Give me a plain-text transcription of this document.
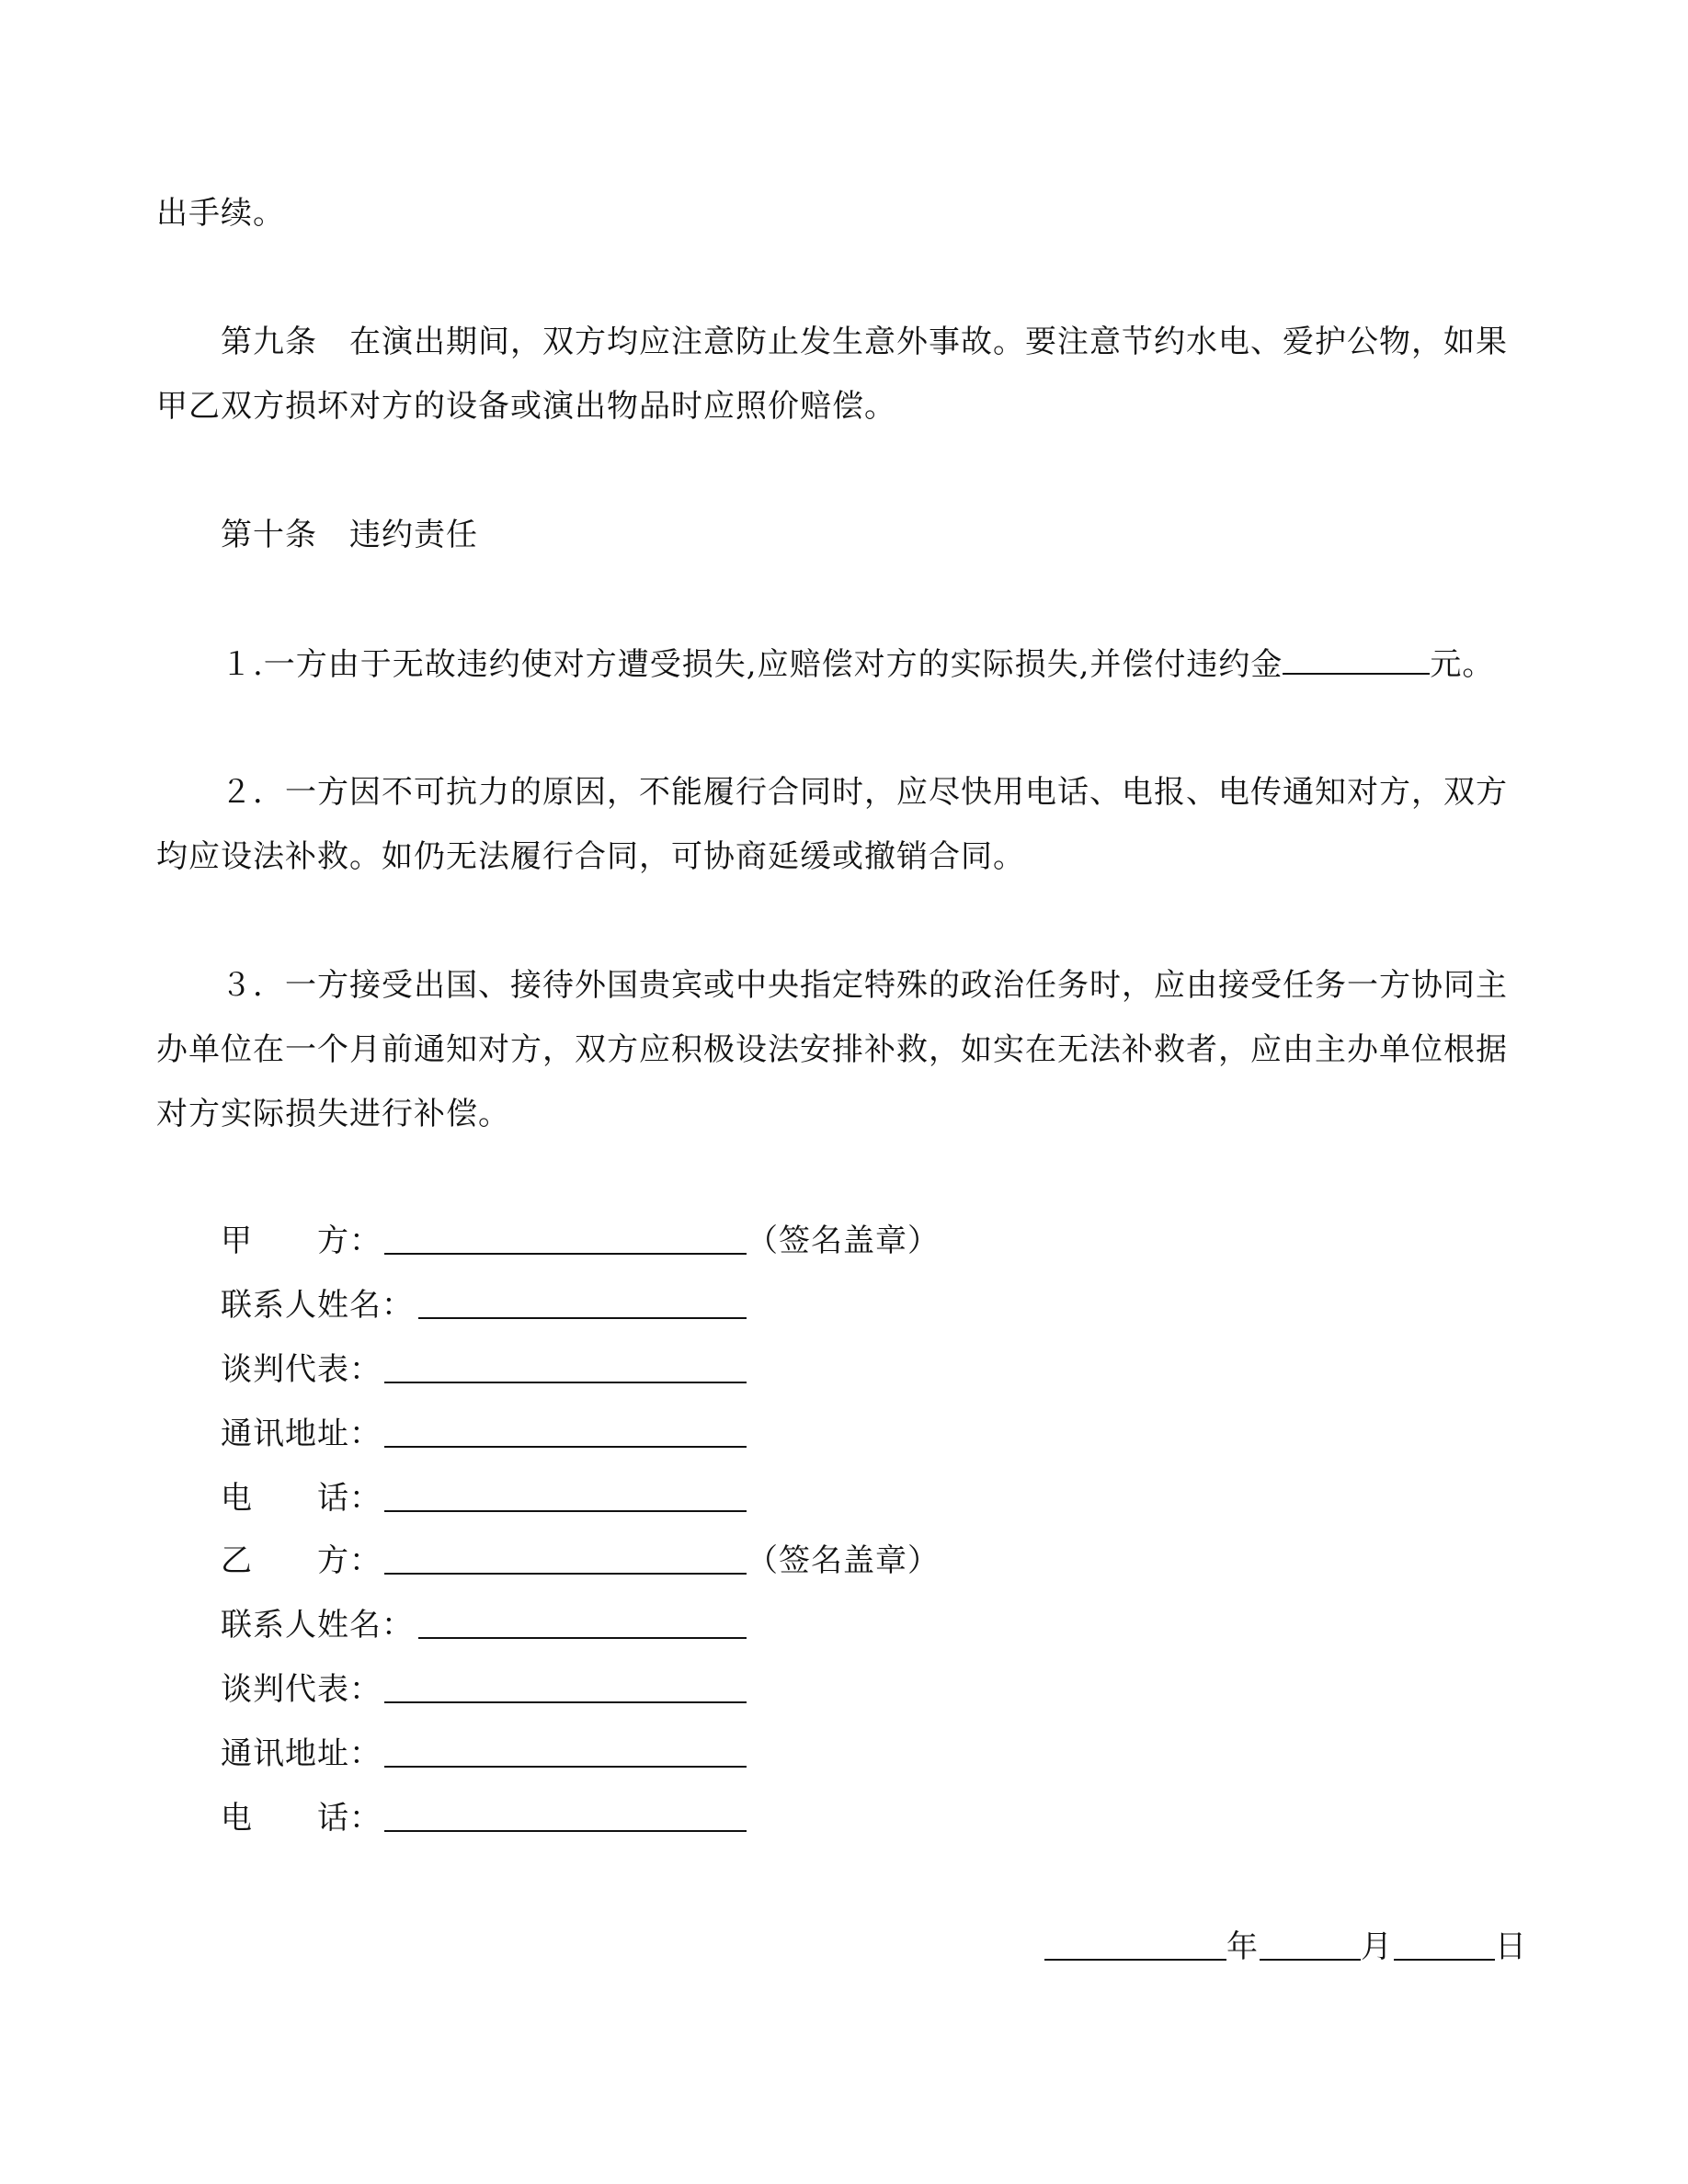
出手续。
第九条　在演出期间，双方均应注意防止发生意外事故。要注意节约水电、爱护公物，如果
甲乙双方损坏对方的设备或演出物品时应照价赔偿。
第十条　违约责任
１.一方由于无故违约使对方遭受损失,应赔偿对方的实际损失,并偿付违约金	元。
２．一方因不可抗力的原因，不能履行合同时，应尽快用电话、电报、电传通知对方，双方
均应设法补救。如仍无法履行合同，可协商延缓或撤销合同。
３．一方接受出国、接待外国贵宾或中央指定特殊的政治任务时，应由接受任务一方协同主
办单位在一个月前通知对方，双方应积极设法安排补救，如实在无法补救者，应由主办单位根据
对方实际损失进行补偿。
甲　　方：	（签名盖章）
联系人姓名：
谈判代表：
通讯地址：
电　　话：
乙　　方：	（签名盖章）
联系人姓名：
谈判代表：
通讯地址：
电　　话：
年	月	日
